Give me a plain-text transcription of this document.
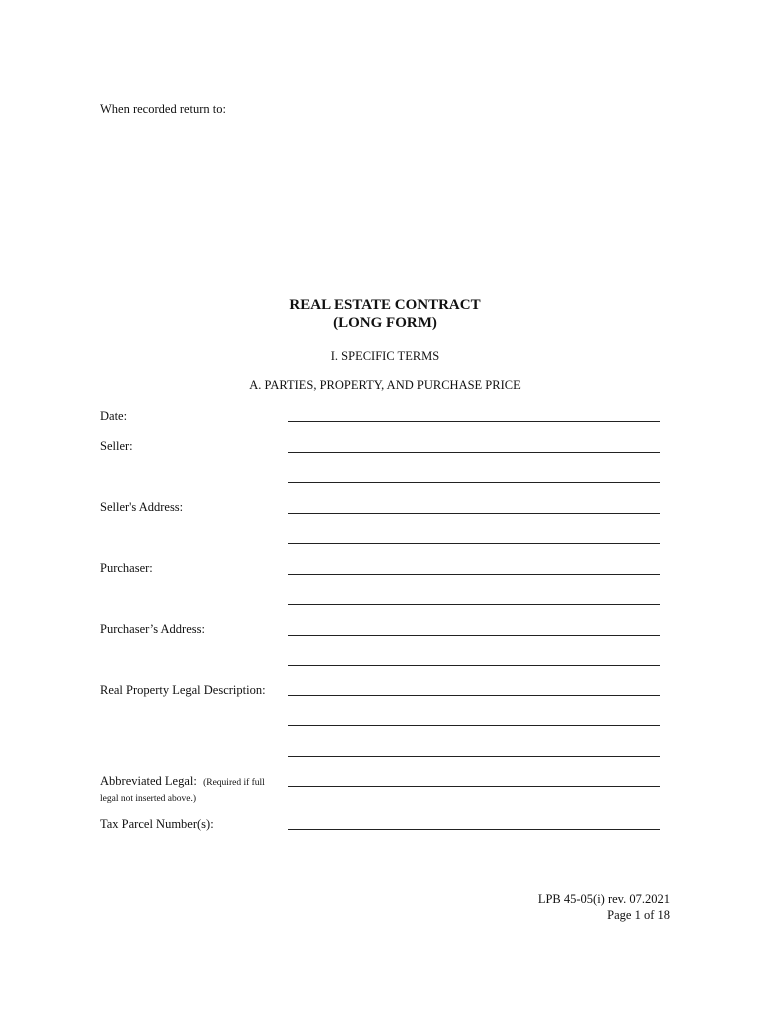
When recorded return to:
REAL ESTATE CONTRACT
(LONG FORM)
I. SPECIFIC TERMS
A. PARTIES, PROPERTY, AND PURCHASE PRICE
Date:
Seller:
Seller's Address:
Purchaser:
Purchaser’s Address:
Real Property Legal Description:
Abbreviated Legal: (Required if full legal not inserted above.)
Tax Parcel Number(s):
LPB 45-05(i) rev. 07.2021
Page 1 of 18
